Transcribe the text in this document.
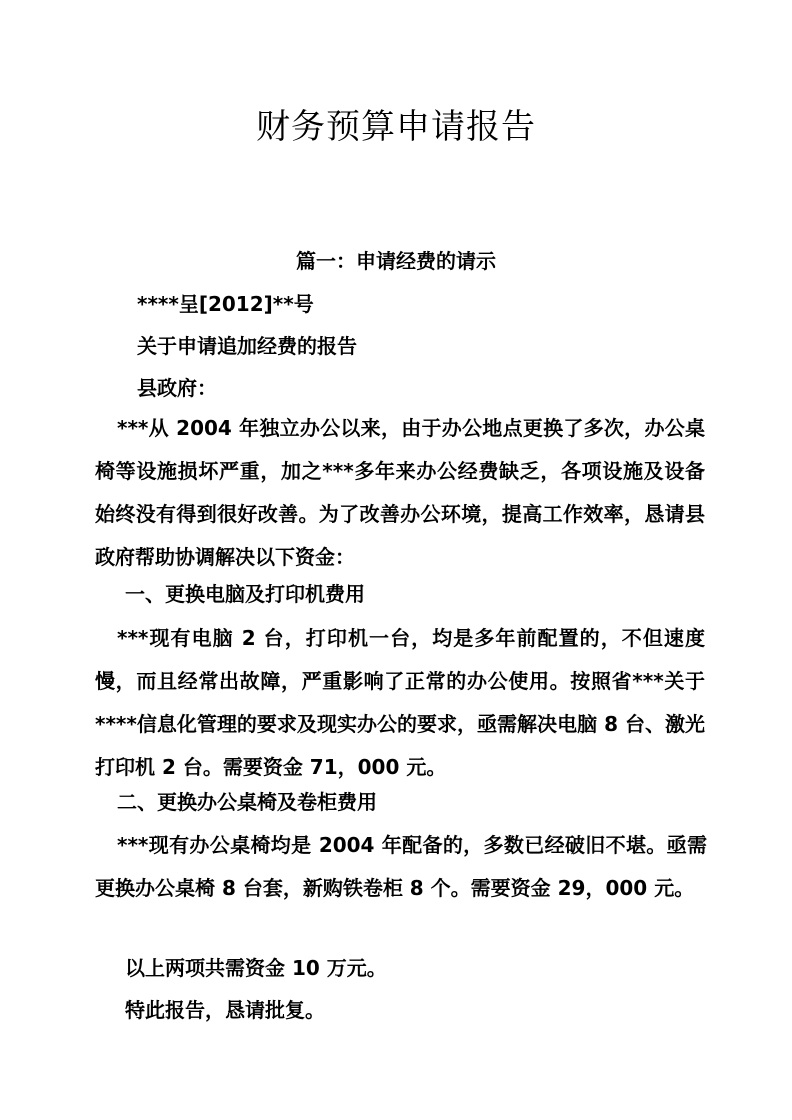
财务预算申请报告
篇一：申请经费的请示
****呈[2012]**号
关于申请追加经费的报告
县政府：
***从 2004 年独立办公以来，由于办公地点更换了多次，办公桌椅等设施损坏严重，加之***多年来办公经费缺乏，各项设施及设备始终没有得到很好改善。为了改善办公环境，提高工作效率，恳请县政府帮助协调解决以下资金：
一、更换电脑及打印机费用
***现有电脑 2 台，打印机一台，均是多年前配置的，不但速度慢，而且经常出故障，严重影响了正常的办公使用。按照省***关于****信息化管理的要求及现实办公的要求，亟需解决电脑 8 台、激光打印机 2 台。需要资金 71，000 元。
二、更换办公桌椅及卷柜费用
***现有办公桌椅均是 2004 年配备的，多数已经破旧不堪。亟需更换办公桌椅 8 台套，新购铁卷柜 8 个。需要资金 29，000 元。
以上两项共需资金 10 万元。
特此报告，恳请批复。
